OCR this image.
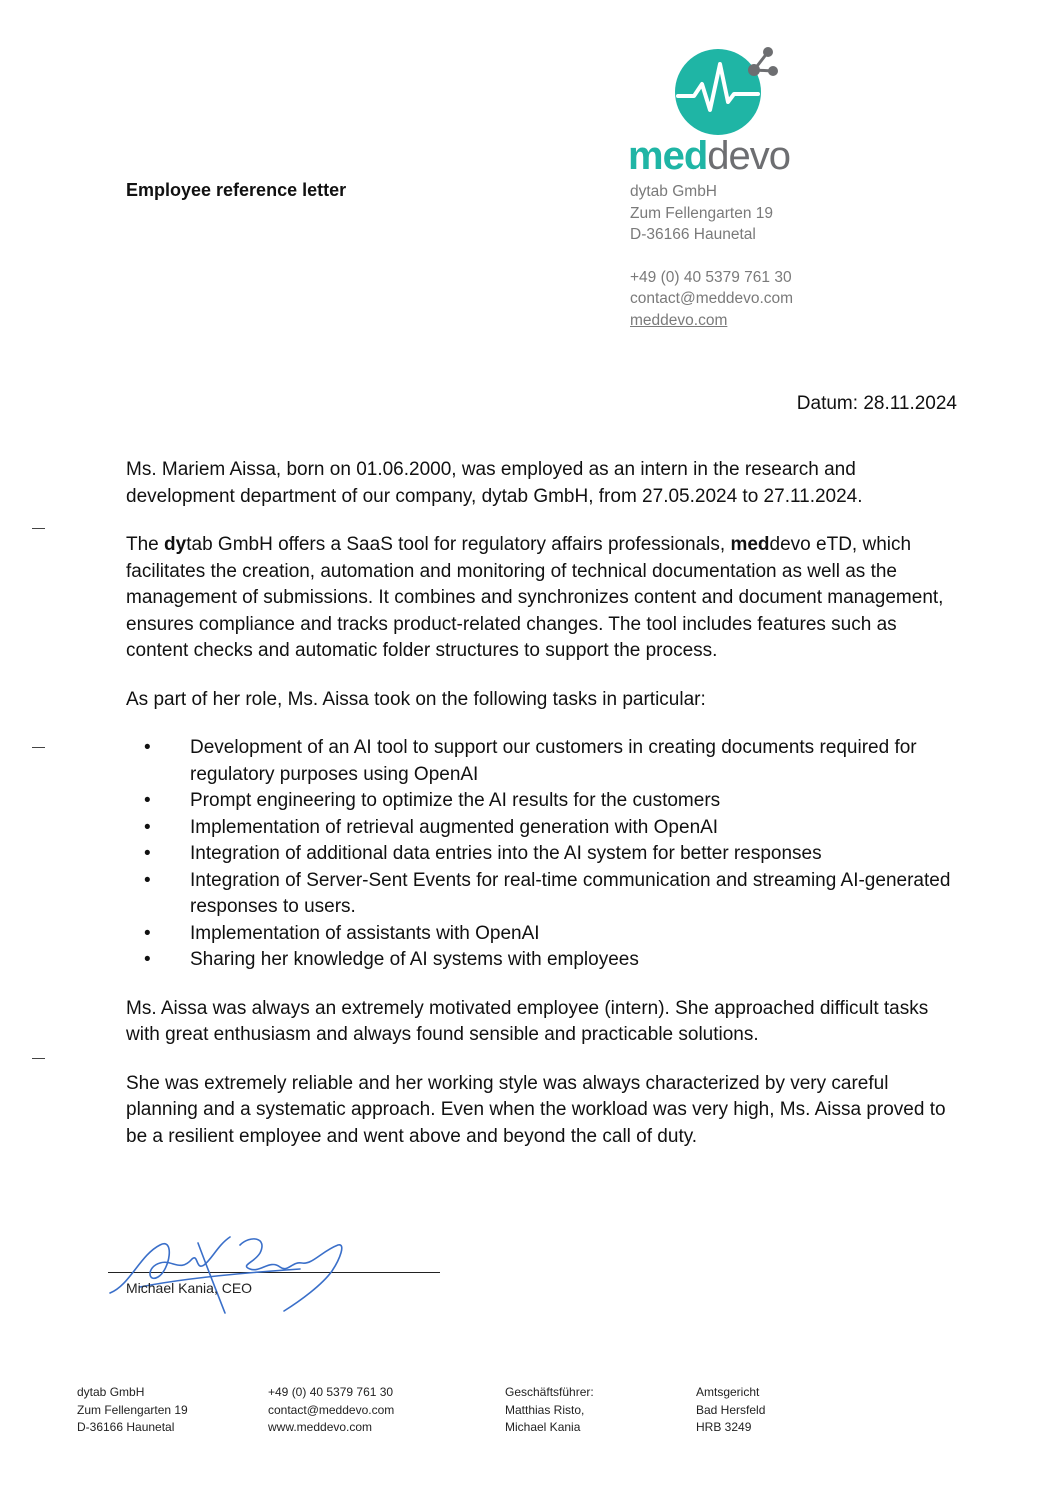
meddevo
Employee reference letter	dytab GmbH
Zum Fellengarten 19
D-36166 Haunetal
+49 (0) 40 5379 761 30
contact@meddevo.com
meddevo.com
Datum: 28.11.2024

Ms. Mariem Aissa, born on 01.06.2000, was employed as an intern in the research and development department of our company, dytab GmbH, from 27.05.2024 to 27.11.2024.

The dytab GmbH offers a SaaS tool for regulatory affairs professionals, meddevo eTD, which facilitates the creation, automation and monitoring of technical documentation as well as the management of submissions. It combines and synchronizes content and document management, ensures compliance and tracks product-related changes. The tool includes features such as content checks and automatic folder structures to support the process.

As part of her role, Ms. Aissa took on the following tasks in particular:

• Development of an AI tool to support our customers in creating documents required for regulatory purposes using OpenAI
• Prompt engineering to optimize the AI results for the customers
• Implementation of retrieval augmented generation with OpenAI
• Integration of additional data entries into the AI system for better responses
• Integration of Server-Sent Events for real-time communication and streaming AI-generated responses to users.
• Implementation of assistants with OpenAI
• Sharing her knowledge of AI systems with employees

Ms. Aissa was always an extremely motivated employee (intern). She approached difficult tasks with great enthusiasm and always found sensible and practicable solutions.

She was extremely reliable and her working style was always characterized by very careful planning and a systematic approach. Even when the workload was very high, Ms. Aissa proved to be a resilient employee and went above and beyond the call of duty.

Michael Kania, CEO
dytab GmbH
Zum Fellengarten 19
D-36166 Haunetal
+49 (0) 40 5379 761 30
contact@meddevo.com
www.meddevo.com
Geschäftsführer:
Matthias Risto,
Michael Kania
Amtsgericht
Bad Hersfeld
HRB 3249
